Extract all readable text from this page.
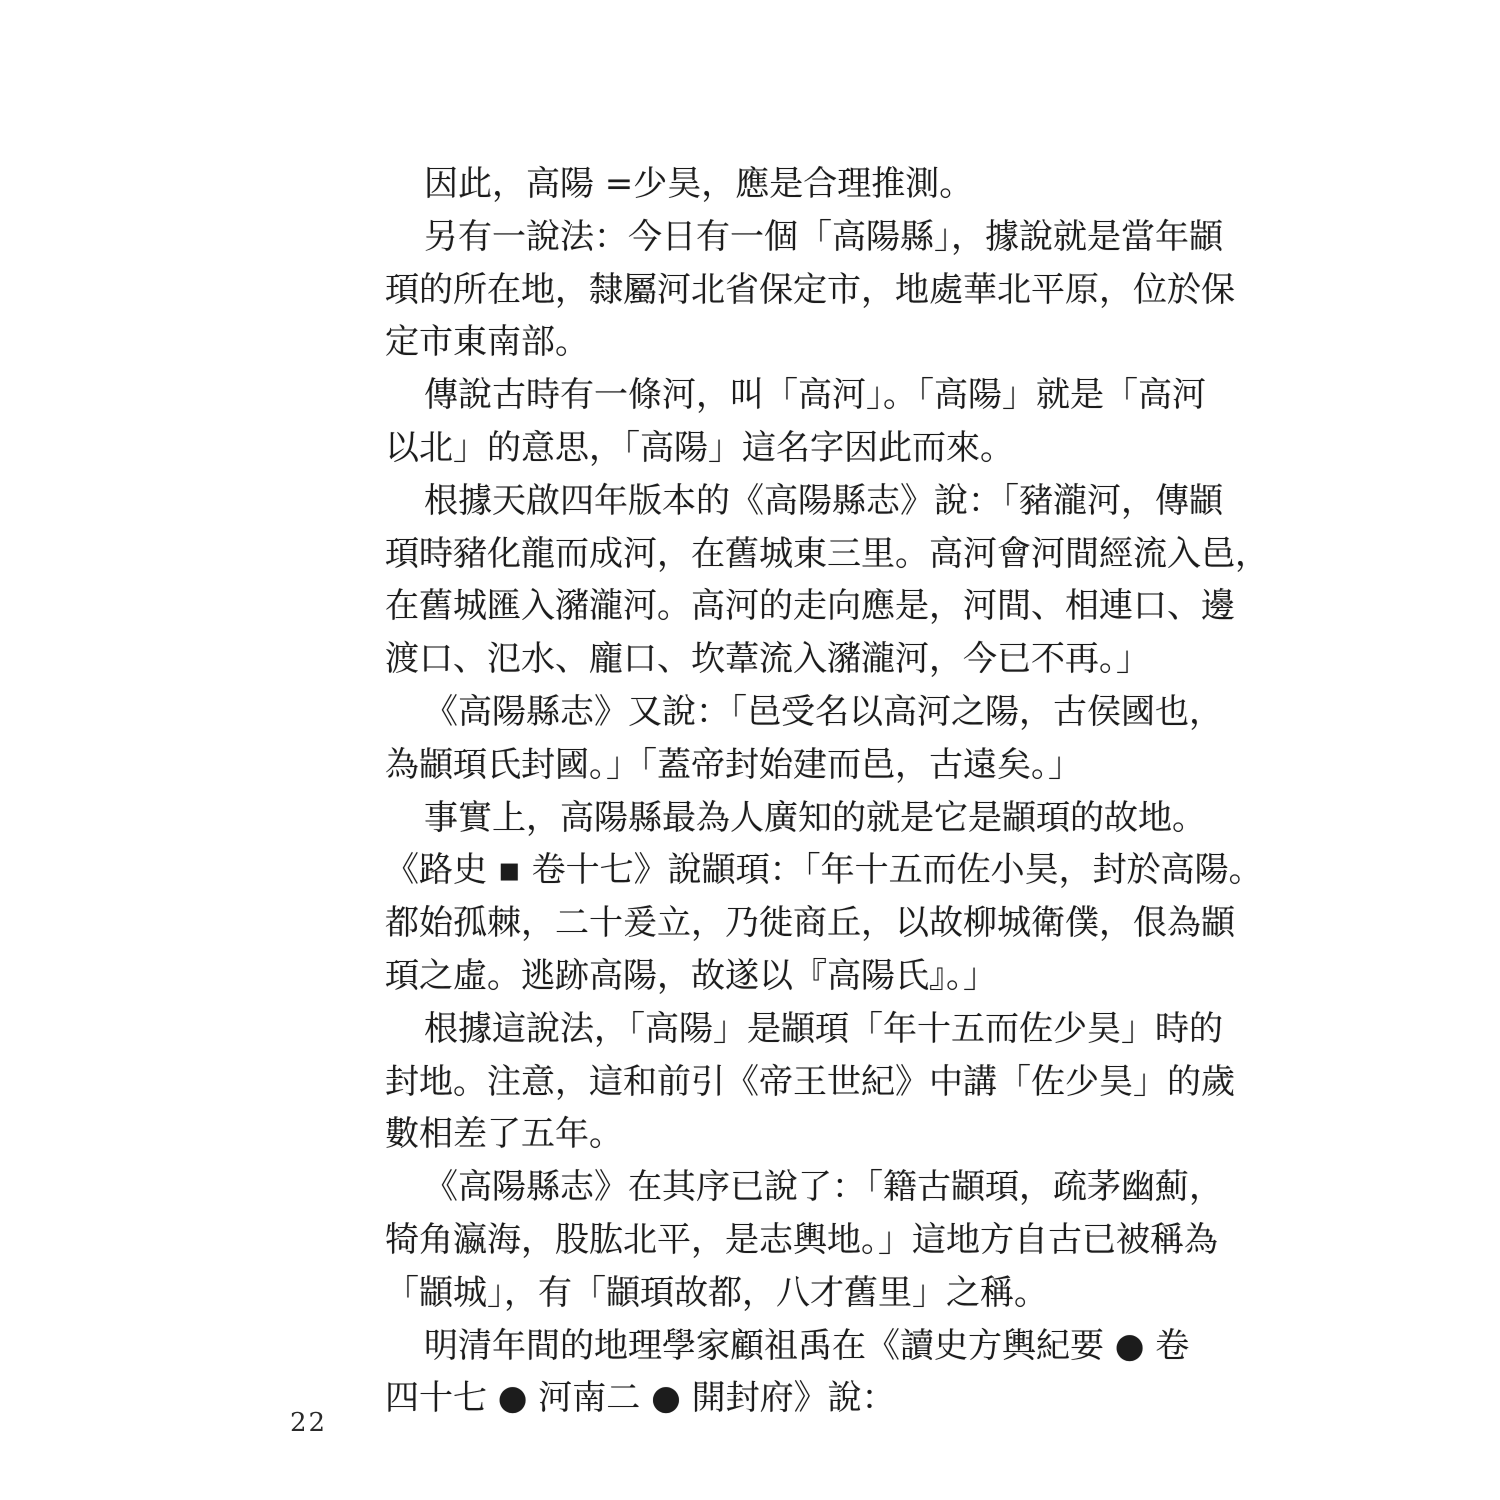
因此，高陽 =少昊，應是合理推測。
另有一說法：今日有一個「高陽縣」，據說就是當年顓
頊的所在地，隸屬河北省保定市，地處華北平原，位於保
定市東南部。
傳說古時有一條河，叫「高河」。「高陽」就是「高河
以北」的意思，「高陽」這名字因此而來。
根據天啟四年版本的《高陽縣志》說：「豬瀧河，傳顓
頊時豬化龍而成河，在舊城東三里。高河會河間經流入邑，
在舊城匯入瀦瀧河。高河的走向應是，河間、相連口、邊
渡口、氾水、龐口、坎葦流入瀦瀧河，今已不再。」
《高陽縣志》又說：「邑受名以高河之陽，古侯國也，
為顓頊氏封國。」「蓋帝封始建而邑，古遠矣。」
事實上，高陽縣最為人廣知的就是它是顓頊的故地。
《路史 ▪ 卷十七》說顓頊：「年十五而佐小昊，封於高陽。
都始孤棘，二十爰立，乃徙商丘，以故柳城衛僕，佷為顓
頊之虛。逃跡高陽，故遂以『高陽氏』。」
根據這說法，「高陽」是顓頊「年十五而佐少昊」時的
封地。注意，這和前引《帝王世紀》中講「佐少昊」的歲
數相差了五年。
《高陽縣志》在其序已說了：「籍古顓頊，疏茅幽薊，
犄角瀛海，股肱北平，是志輿地。」這地方自古已被稱為
「顓城」，有「顓頊故都，八才舊里」之稱。
明清年間的地理學家顧祖禹在《讀史方輿紀要 ● 卷
四十七 ● 河南二 ● 開封府》說：
22
